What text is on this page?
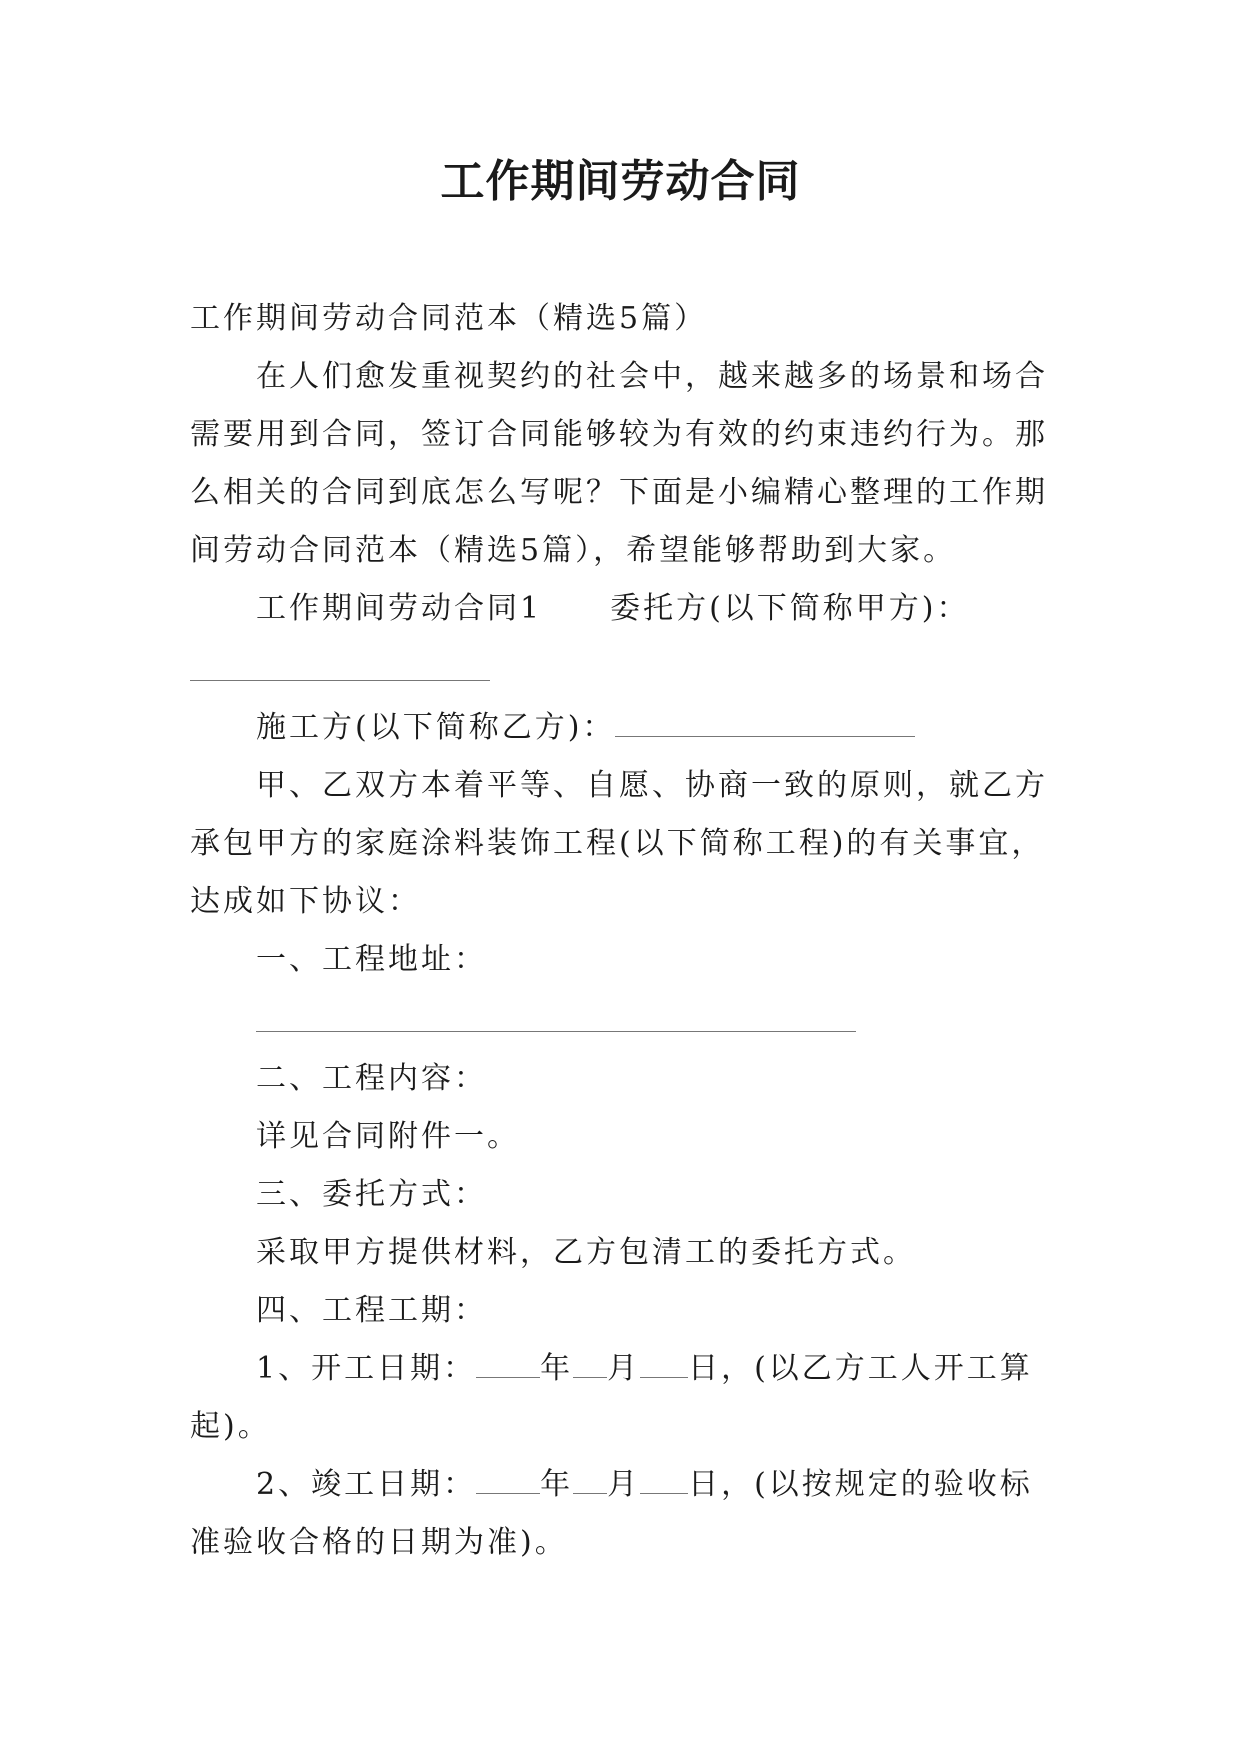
工作期间劳动合同

工作期间劳动合同范本（精选5篇）

在人们愈发重视契约的社会中，越来越多的场景和场合需要用到合同，签订合同能够较为有效的约束违约行为。那么相关的合同到底怎么写呢？下面是小编精心整理的工作期间劳动合同范本（精选5篇），希望能够帮助到大家。

工作期间劳动合同1 委托方(以下简称甲方)：

施工方(以下简称乙方)：

甲、乙双方本着平等、自愿、协商一致的原则，就乙方承包甲方的家庭涂料装饰工程(以下简称工程)的有关事宜，达成如下协议：

一、工程地址：

二、工程内容：

详见合同附件一。

三、委托方式：

采取甲方提供材料，乙方包清工的委托方式。

四、工程工期：

1、开工日期： 年 月 日，(以乙方工人开工算起)。

2、竣工日期： 年 月 日，(以按规定的验收标准验收合格的日期为准)。
